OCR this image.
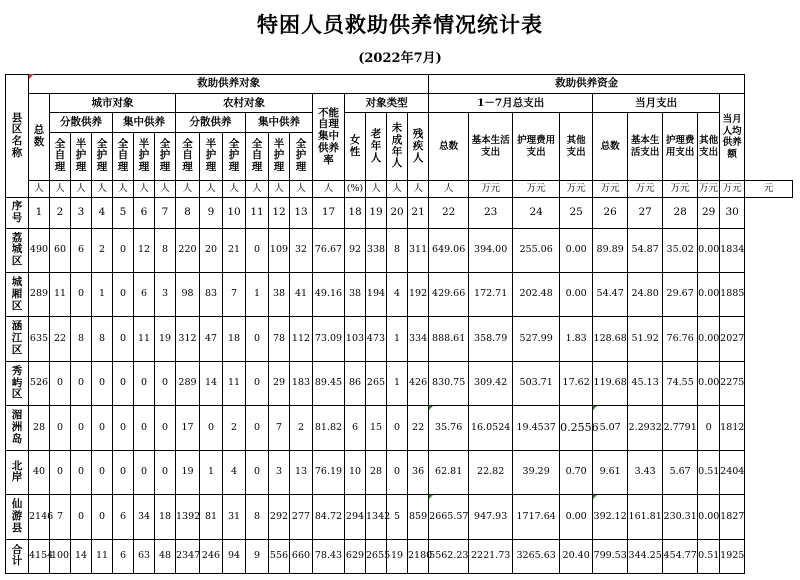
特困人员救助供养情况统计表
(2022年7月)
县区名称	救助供养对象																		救助供养资金									
	总数	城市对象						农村对象						不能自理集中供养率	对象类型				1－7月总支出				当月支出				当月人均供养额	
		分散供养			集中供养			分散供养			集中供养				女性	老年人	未成年人	残疾人	总数	基本生活支出	护理费用支出	其他支出	总数	基本生活支出	护理费用支出	其他支出		
		全自理	半护理	全护理	全自理	半护理	全护理	全自理	半护理	全护理	全自理	半护理	全护理															
	人	人	人	人	人	人	人	人	人	人	人	人	人	人	(%)	人	人	人	人	万元	万元	万元	万元	万元	万元	万元	万元	元
序号	1	2	3	4	5	6	7	8	9	10	11	12	13	17	18	19	20	21	22	23	24	25	26	27	28	29	30	
荔城区	490	60	6	2	0	12	8	220	20	21	0	109	32	76.67	92	338	8	311	649.06	394.00	255.06	0.00	89.89	54.87	35.02	0.00	1834	
城厢区	289	11	0	1	0	6	3	98	83	7	1	38	41	49.16	38	194	4	192	429.66	172.71	202.48	0.00	54.47	24.80	29.67	0.00	1885	
涵江区	635	22	8	8	0	11	19	312	47	18	0	78	112	73.09	103	473	1	334	888.61	358.79	527.99	1.83	128.68	51.92	76.76	0.00	2027	
秀屿区	526	0	0	0	0	0	0	289	14	11	0	29	183	89.45	86	265	1	426	830.75	309.42	503.71	17.62	119.68	45.13	74.55	0.00	2275	
湄洲岛	28	0	0	0	0	0	0	17	0	2	0	7	2	81.82	6	15	0	22	35.76	16.0524	19.4537	0.2556	5.07	2.2932	2.7791	0	1812	
北岸	40	0	0	0	0	0	0	19	1	4	0	3	13	76.19	10	28	0	36	62.81	22.82	39.29	0.70	9.61	3.43	5.67	0.51	2404	
仙游县	2146	7	0	0	6	34	18	1392	81	31	8	292	277	84.72	294	1342	5	859	2665.57	947.93	1717.64	0.00	392.12	161.81	230.31	0.00	1827	
合计	4154	100	14	11	6	63	48	2347	246	94	9	556	660	78.43	629	2655	19	2180	5562.23	2221.73	3265.63	20.40	799.53	344.25	454.77	0.51	1925	
